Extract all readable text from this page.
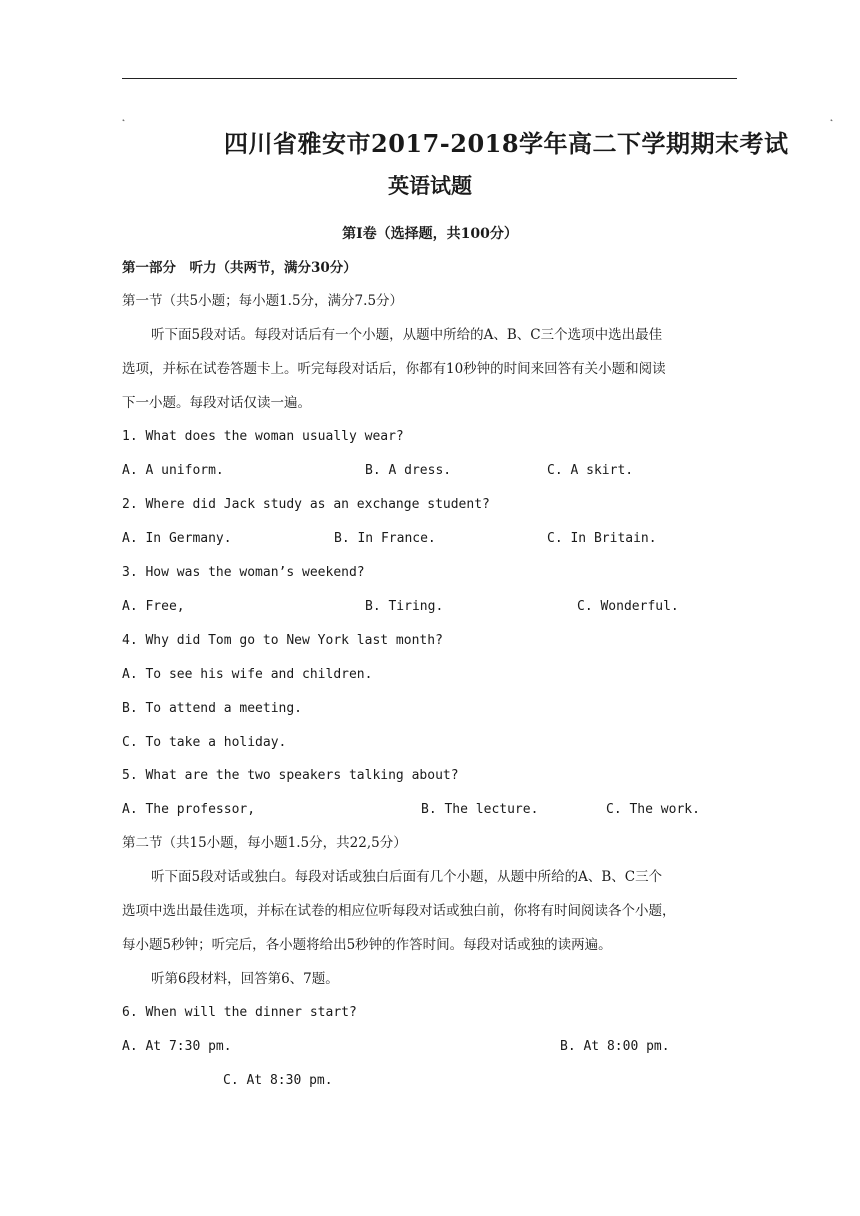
˛	˛
四川省雅安市2017-2018学年高二下学期期末考试
英语试题
第Ⅰ卷（选择题，共100分）
第一部分　听力（共两节，满分30分）
第一节（共5小题；每小题1.5分，满分7.5分）
听下面5段对话。每段对话后有一个小题，从题中所给的A、B、C三个选项中选出最佳
选项，并标在试卷答题卡上。听完每段对话后，你都有10秒钟的时间来回答有关小题和阅读
下一小题。每段对话仅读一遍。
1. What does the woman usually wear?
A. A uniform.	B. A dress.	C. A skirt.
2. Where did Jack study as an exchange student?
A. In Germany.	B. In France.	C. In Britain.
3. How was the woman’s weekend?
A. Free,	B. Tiring.	C. Wonderful.
4. Why did Tom go to New York last month?
A. To see his wife and children.
B. To attend a meeting.
C. To take a holiday.
5. What are the two speakers talking about?
A. The professor,	B. The lecture.	C. The work.
第二节（共15小题，每小题1.5分，共22,5分）
听下面5段对话或独白。每段对话或独白后面有几个小题，从题中所给的A、B、C三个
选项中选出最佳选项，并标在试卷的相应位听每段对话或独白前，你将有时间阅读各个小题，
每小题5秒钟；听完后，各小题将给出5秒钟的作答时间。每段对话或独的读两遍。
听第6段材料，回答第6、7题。
6. When will the dinner start?
A. At 7:30 pm.	B. At 8:00 pm.
C. At 8:30 pm.
